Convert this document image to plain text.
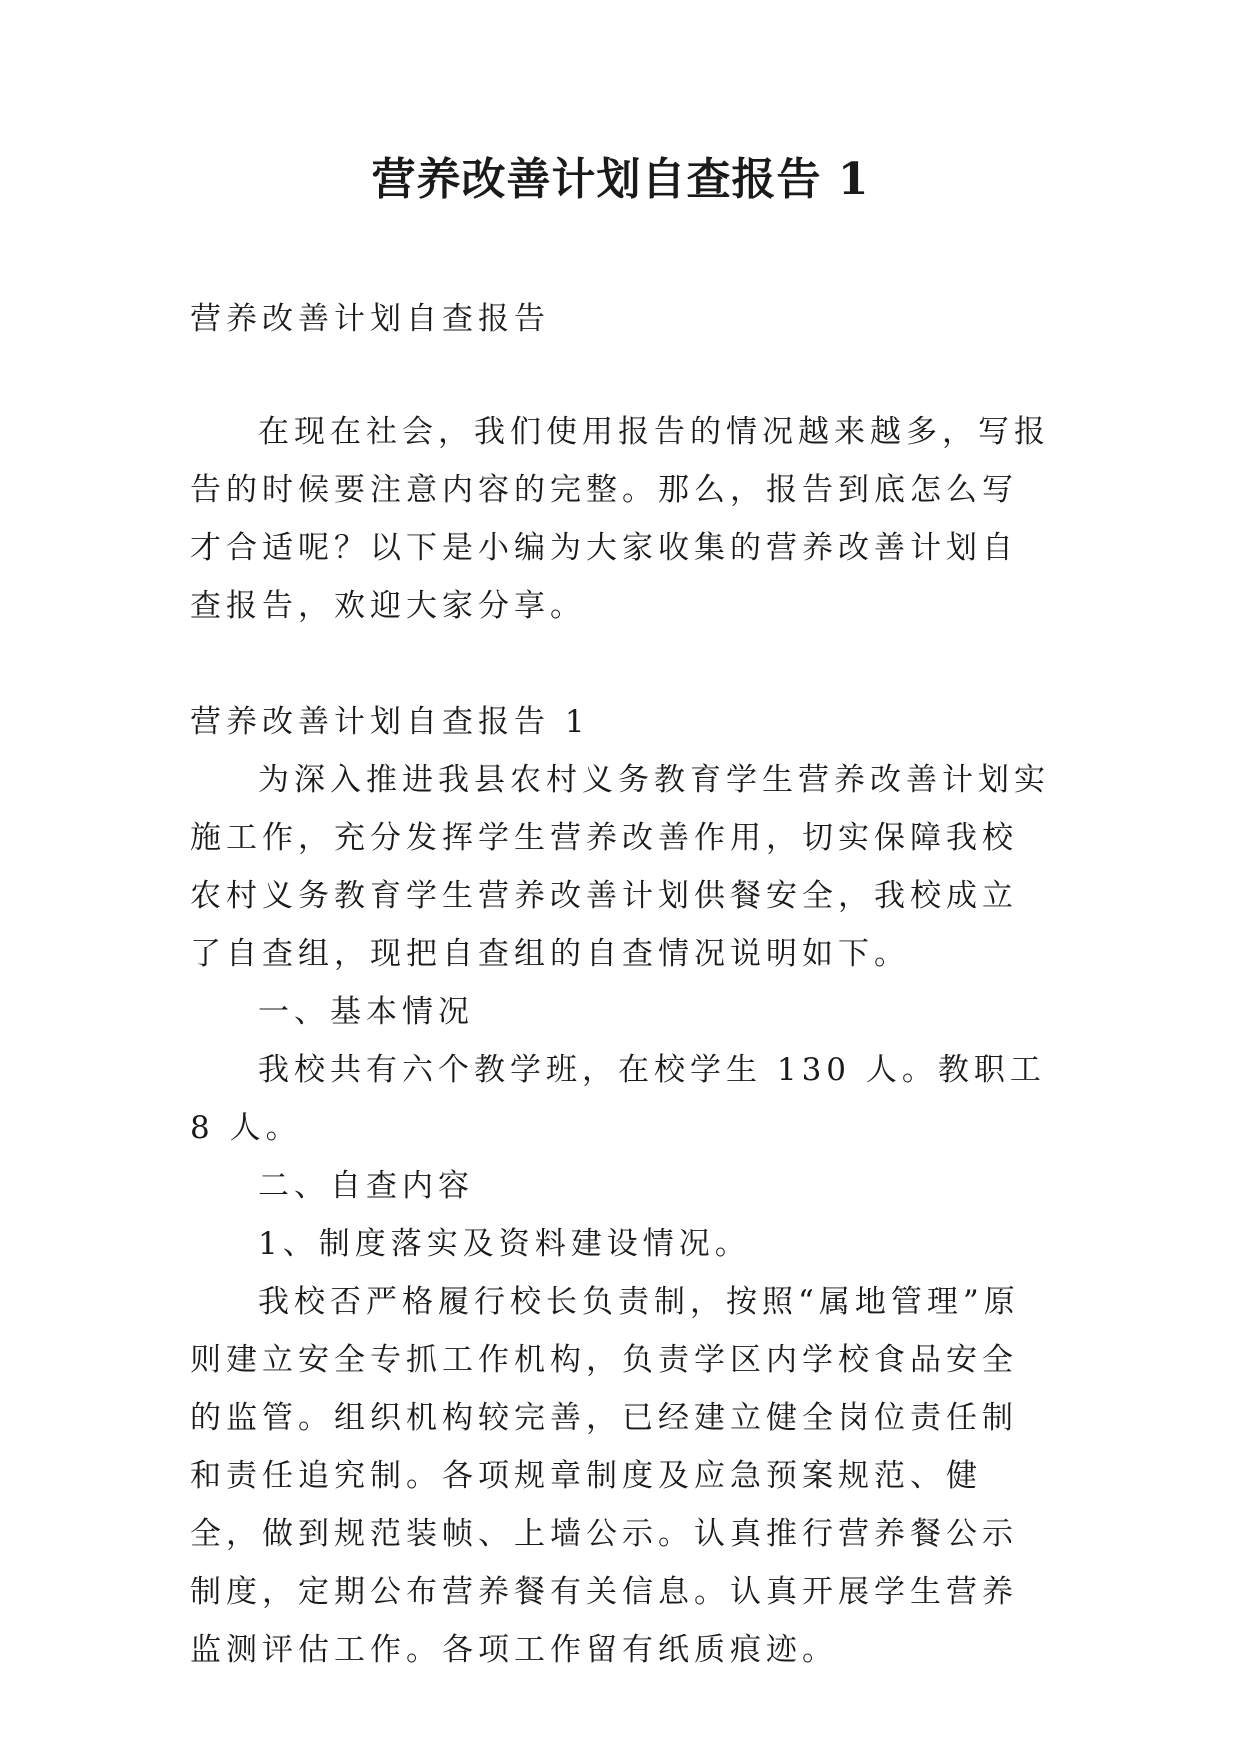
营养改善计划自查报告 1

营养改善计划自查报告

在现在社会，我们使用报告的情况越来越多，写报告的时候要注意内容的完整。那么，报告到底怎么写才合适呢？以下是小编为大家收集的营养改善计划自查报告，欢迎大家分享。

营养改善计划自查报告 1

为深入推进我县农村义务教育学生营养改善计划实施工作，充分发挥学生营养改善作用，切实保障我校农村义务教育学生营养改善计划供餐安全，我校成立了自查组，现把自查组的自查情况说明如下。

一、基本情况

我校共有六个教学班，在校学生 130 人。教职工 8 人。

二、自查内容

1、制度落实及资料建设情况。

我校否严格履行校长负责制，按照“属地管理”原则建立安全专抓工作机构，负责学区内学校食品安全的监管。组织机构较完善，已经建立健全岗位责任制和责任追究制。各项规章制度及应急预案规范、健全，做到规范装帧、上墙公示。认真推行营养餐公示制度，定期公布营养餐有关信息。认真开展学生营养监测评估工作。各项工作留有纸质痕迹。
